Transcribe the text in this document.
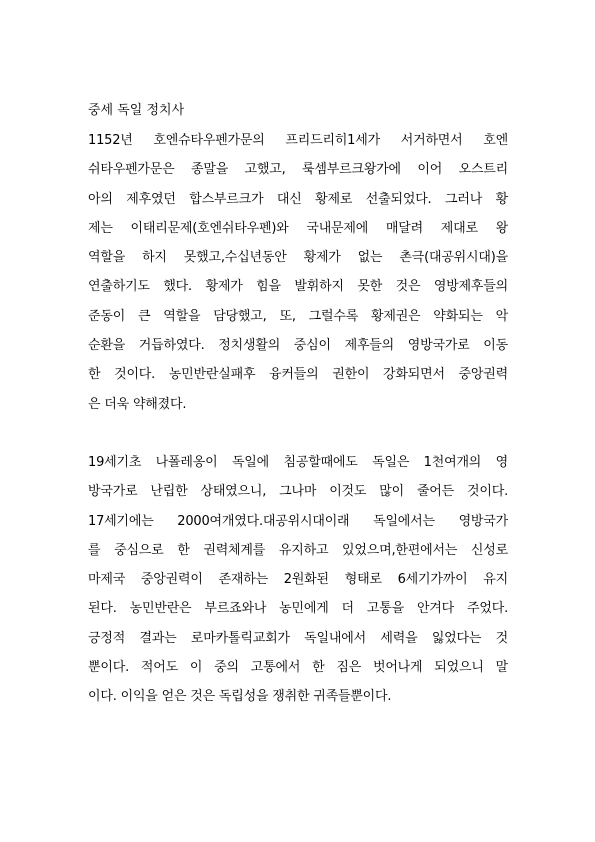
중세 독일 정치사
1152년 호엔슈타우펜가문의 프리드리히1세가 서거하면서 호엔
쉬타우펜가문은 종말을 고했고, 룩셈부르크왕가에 이어 오스트리
아의 제후였던 합스부르크가 대신 황제로 선출되었다. 그러나 황
제는 이태리문제(호엔쉬타우펜)와 국내문제에 매달려 제대로 왕
역할을 하지 못했고,수십년동안 황제가 없는 촌극(대공위시대)을
연출하기도 했다. 황제가 힘을 발휘하지 못한 것은 영방제후들의
준동이 큰 역할을 담당했고, 또, 그럴수록 황제권은 약화되는 악
순환을 거듭하였다. 정치생활의 중심이 제후들의 영방국가로 이동
한 것이다. 농민반란실패후 융커들의 권한이 강화되면서 중앙권력
은 더욱 약해졌다.
19세기초 나폴레옹이 독일에 침공할때에도 독일은 1천여개의 영
방국가로 난립한 상태였으니, 그나마 이것도 많이 줄어든 것이다.
17세기에는 2000여개였다.대공위시대이래 독일에서는 영방국가
를 중심으로 한 권력체계를 유지하고 있었으며,한편에서는 신성로
마제국 중앙권력이 존재하는 2원화된 형태로 6세기가까이 유지
된다. 농민반란은 부르죠와나 농민에게 더 고통을 안겨다 주었다.
긍정적 결과는 로마카톨릭교회가 독일내에서 세력을 잃었다는 것
뿐이다. 적어도 이 중의 고통에서 한 짐은 벗어나게 되었으니 말
이다. 이익을 얻은 것은 독립성을 쟁취한 귀족들뿐이다.
